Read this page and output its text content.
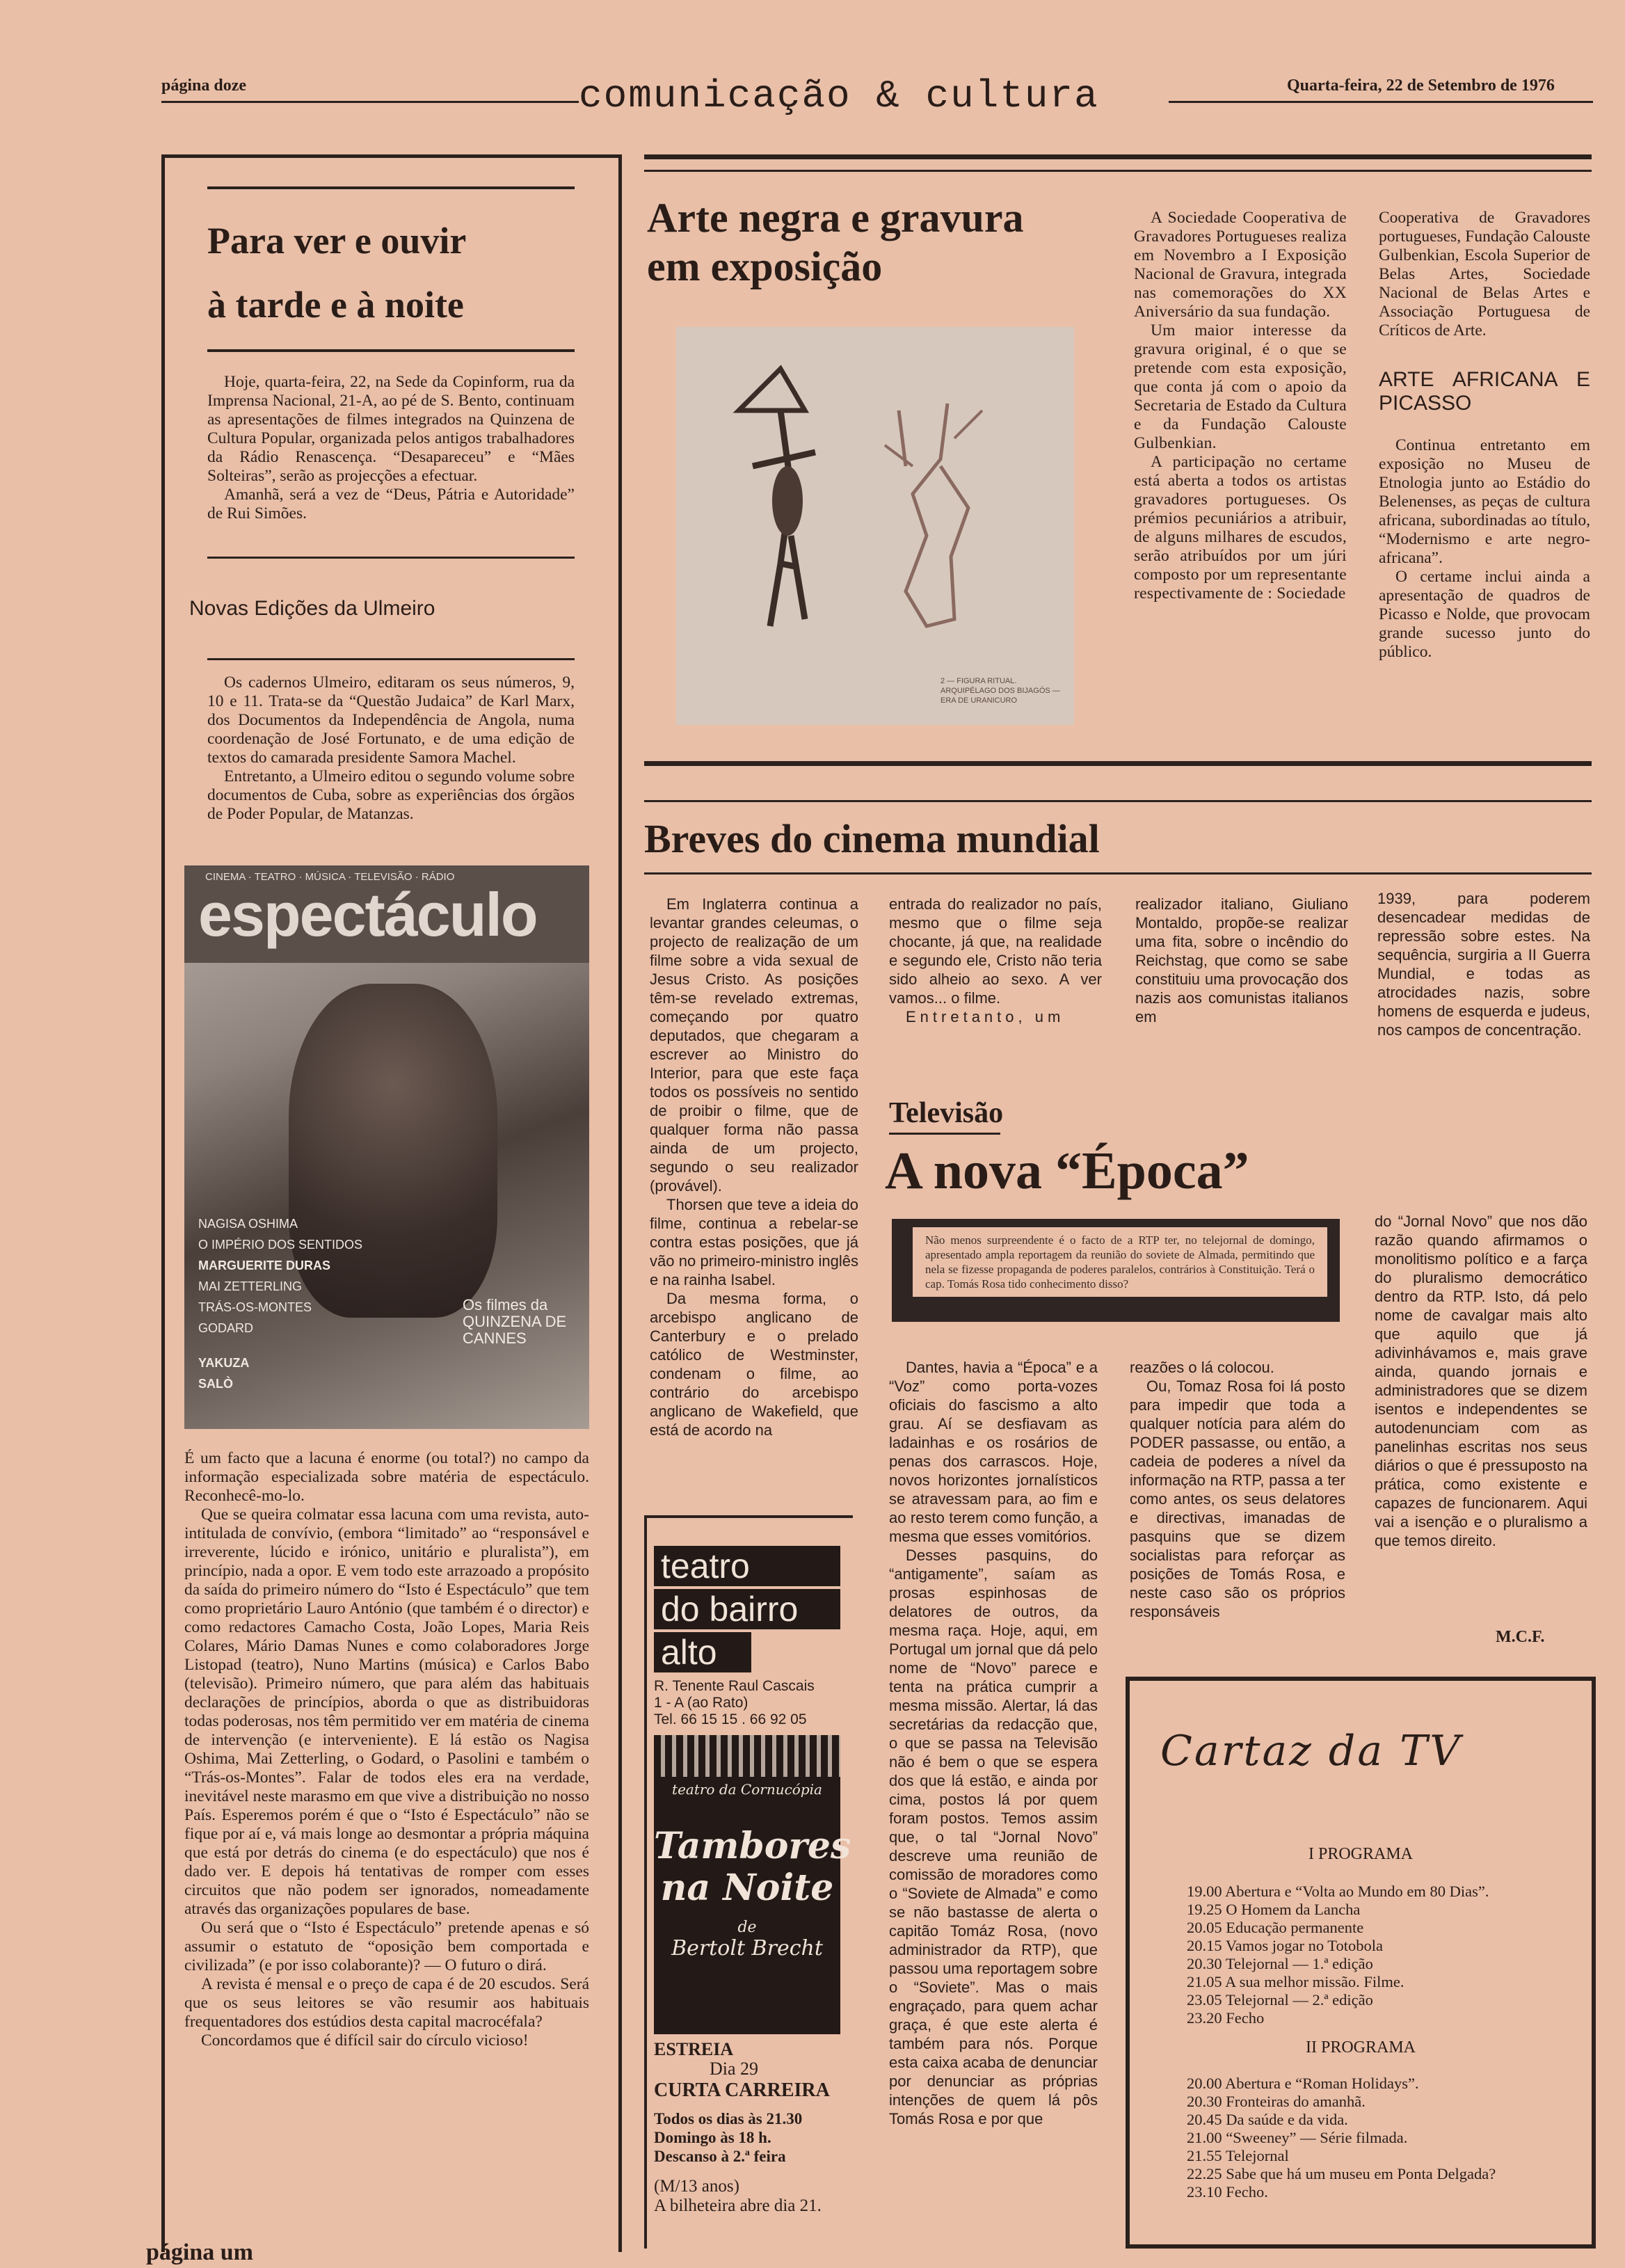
página doze	comunicação & cultura	Quarta-feira, 22 de Setembro de 1976
Para ver e ouvir
à tarde e à noite

Hoje, quarta-feira, 22, na Sede da Copinform, rua da Imprensa Nacional, 21-A, ao pé de S. Bento, continuam as apresentações de filmes integrados na Quinzena de Cultura Popular, organizada pelos antigos trabalhadores da Rádio Renascença. “Desapareceu” e “Mães Solteiras”, serão as projecções a efectuar.

Amanhã, será a vez de “Deus, Pátria e Autoridade” de Rui Simões.

Novas Edições da Ulmeiro

Os cadernos Ulmeiro, editaram os seus números, 9, 10 e 11. Trata-se da “Questão Judaica” de Karl Marx, dos Documentos da Independência de Angola, numa coordenação de José Fortunato, e de uma edição de textos do camarada presidente Samora Machel.

Entretanto, a Ulmeiro editou o segundo volume sobre documentos de Cuba, sobre as experiências dos órgãos de Poder Popular, de Matanzas.

CINEMA · TEATRO · MÚSICA · TELEVISÃO · RÁDIO
espectáculo
NAGISA OSHIMA
O IMPÉRIO DOS SENTIDOS
MARGUERITE DURAS
MAI ZETTERLING
TRÁS-OS-MONTES
GODARD
YAKUZA
SALÒ
Os filmes da
QUINZENA DE
CANNES

É um facto que a lacuna é enorme (ou total?) no campo da informação especializada sobre matéria de espectáculo. Reconhecê-mo-lo.

Que se queira colmatar essa lacuna com uma revista, auto-intitulada de convívio, (embora “limitado” ao “responsável e irreverente, lúcido e irónico, unitário e pluralista”), em princípio, nada a opor. E vem todo este arrazoado a propósito da saída do primeiro número do “Isto é Espectáculo” que tem como proprietário Lauro António (que também é o director) e como redactores Camacho Costa, João Lopes, Maria Reis Colares, Mário Damas Nunes e como colaboradores Jorge Listopad (teatro), Nuno Martins (música) e Carlos Babo (televisão). Primeiro número, que para além das habituais declarações de princípios, aborda o que as distribuidoras todas poderosas, nos têm permitido ver em matéria de cinema de intervenção (e interveniente). E lá estão os Nagisa Oshima, Mai Zetterling, o Godard, o Pasolini e também o “Trás-os-Montes”. Falar de todos eles era na verdade, inevitável neste marasmo em que vive a distribuição no nosso País. Esperemos porém é que o “Isto é Espectáculo” não se fique por aí e, vá mais longe ao desmontar a própria máquina que está por detrás do cinema (e do espectáculo) que nos é dado ver. E depois há tentativas de romper com esses circuitos que não podem ser ignorados, nomeadamente através das organizações populares de base.

Ou será que o “Isto é Espectáculo” pretende apenas e só assumir o estatuto de “oposição bem comportada e civilizada” (e por isso colaborante)? — O futuro o dirá.

A revista é mensal e o preço de capa é de 20 escudos. Será que os seus leitores se vão resumir aos habituais frequentadores dos estúdios desta capital macrocéfala?

Concordamos que é difícil sair do círculo vicioso!

página um
Arte negra e gravura
em exposição
2 — FIGURA RITUAL. ARQUIPÉLAGO DOS BIJAGÓS — ERA DE URANICURO

A Sociedade Cooperativa de Gravadores Portugueses realiza em Novembro a I Exposição Nacional de Gravura, integrada nas comemorações do XX Aniversário da sua fundação.

Um maior interesse da gravura original, é o que se pretende com esta exposição, que conta já com o apoio da Secretaria de Estado da Cultura e da Fundação Calouste Gulbenkian.

A participação no certame está aberta a todos os artistas gravadores portugueses. Os prémios pecuniários a atribuir, de alguns milhares de escudos, serão atribuídos por um júri composto por um representante respectivamente de : Sociedade

Cooperativa de Gravadores portugueses, Fundação Calouste Gulbenkian, Escola Superior de Belas Artes, Sociedade Nacional de Belas Artes e Associação Portuguesa de Críticos de Arte.

ARTE AFRICANA E PICASSO

Continua entretanto em exposição no Museu de Etnologia junto ao Estádio do Belenenses, as peças de cultura africana, subordinadas ao título, “Modernismo e arte negro-africana”.

O certame inclui ainda a apresentação de quadros de Picasso e Nolde, que provocam grande sucesso junto do público.

Breves do cinema mundial

Em Inglaterra continua a levantar grandes celeumas, o projecto de realização de um filme sobre a vida sexual de Jesus Cristo. As posições têm-se revelado extremas, começando por quatro deputados, que chegaram a escrever ao Ministro do Interior, para que este faça todos os possíveis no sentido de proibir o filme, que de qualquer forma não passa ainda de um projecto, segundo o seu realizador (provável).

Thorsen que teve a ideia do filme, continua a rebelar-se contra estas posições, que já vão no primeiro-ministro inglês e na rainha Isabel.

Da mesma forma, o arcebispo anglicano de Canterbury e o prelado católico de Westminster, condenam o filme, ao contrário do arcebispo anglicano de Wakefield, que está de acordo na

entrada do realizador no país, mesmo que o filme seja chocante, já que, na realidade e segundo ele, Cristo não teria sido alheio ao sexo. A ver vamos... o filme.

Entretanto, um

realizador italiano, Giuliano Montaldo, propõe-se realizar uma fita, sobre o incêndio do Reichstag, que como se sabe constituiu uma provocação dos nazis aos comunistas italianos em

1939, para poderem desencadear medidas de repressão sobre estes. Na sequência, surgiria a II Guerra Mundial, e todas as atrocidades nazis, sobre homens de esquerda e judeus, nos campos de concentração.

teatro
do bairro
alto
R. Tenente Raul Cascais
1 - A (ao Rato)
Tel. 66 15 15 . 66 92 05
teatro da Cornucópia
Tambores
na Noite
de
Bertolt Brecht
ESTREIA
Dia 29
CURTA CARREIRA
Todos os dias às 21.30
Domingo às 18 h.
Descanso à 2.ª feira
(M/13 anos)
A bilheteira abre dia 21.
Televisão
A nova “Época”
Não menos surpreendente é o facto de a RTP ter, no telejornal de domingo, apresentado ampla reportagem da reunião do soviete de Almada, permitindo que nela se fizesse propaganda de poderes paralelos, contrários à Constituição. Terá o cap. Tomás Rosa tido conhecimento disso?

Dantes, havia a “Época” e a “Voz” como porta-vozes oficiais do fascismo a alto grau. Aí se desfiavam as ladainhas e os rosários de penas dos carrascos. Hoje, novos horizontes jornalísticos se atravessam para, ao fim e ao resto terem como função, a mesma que esses vomitórios.

Desses pasquins, do “antigamente”, saíam as prosas espinhosas de delatores de outros, da mesma raça. Hoje, aqui, em Portugal um jornal que dá pelo nome de “Novo” parece e tenta na prática cumprir a mesma missão. Alertar, lá das secretárias da redacção que, o que se passa na Televisão não é bem o que se espera dos que lá estão, e ainda por cima, postos lá por quem foram postos. Temos assim que, o tal “Jornal Novo” descreve uma reunião de comissão de moradores como o “Soviete de Almada” e como se não bastasse de alerta o capitão Tomáz Rosa, (novo administrador da RTP), que passou uma reportagem sobre o “Soviete”. Mas o mais engraçado, para quem achar graça, é que este alerta é também para nós. Porque esta caixa acaba de denunciar por denunciar as próprias intenções de quem lá pôs Tomás Rosa e por que

reazões o lá colocou.

Ou, Tomaz Rosa foi lá posto para impedir que toda a qualquer notícia para além do PODER passasse, ou então, a cadeia de poderes a nível da informação na RTP, passa a ter como antes, os seus delatores e directivas, imanadas de pasquins que se dizem socialistas para reforçar as posições de Tomás Rosa, e neste caso são os próprios responsáveis

do “Jornal Novo” que nos dão razão quando afirmamos o monolitismo político e a farça do pluralismo democrático dentro da RTP. Isto, dá pelo nome de cavalgar mais alto que aquilo que já adivinhávamos e, mais grave ainda, quando jornais e administradores que se dizem isentos e independentes se autodenunciam com as panelinhas escritas nos seus diários o que é pressuposto na prática, como existente e capazes de funcionarem. Aqui vai a isenção e o pluralismo a que temos direito.

M.C.F.
Cartaz da TV
I PROGRAMA
19.00 Abertura e “Volta ao Mundo em 80 Dias”.
19.25 O Homem da Lancha
20.05 Educação permanente
20.15 Vamos jogar no Totobola
20.30 Telejornal — 1.ª edição
21.05 A sua melhor missão. Filme.
23.05 Telejornal — 2.ª edição
23.20 Fecho
II PROGRAMA
20.00 Abertura e “Roman Holidays”.
20.30 Fronteiras do amanhã.
20.45 Da saúde e da vida.
21.00 “Sweeney” — Série filmada.
21.55 Telejornal
22.25 Sabe que há um museu em Ponta Delgada?
23.10 Fecho.
